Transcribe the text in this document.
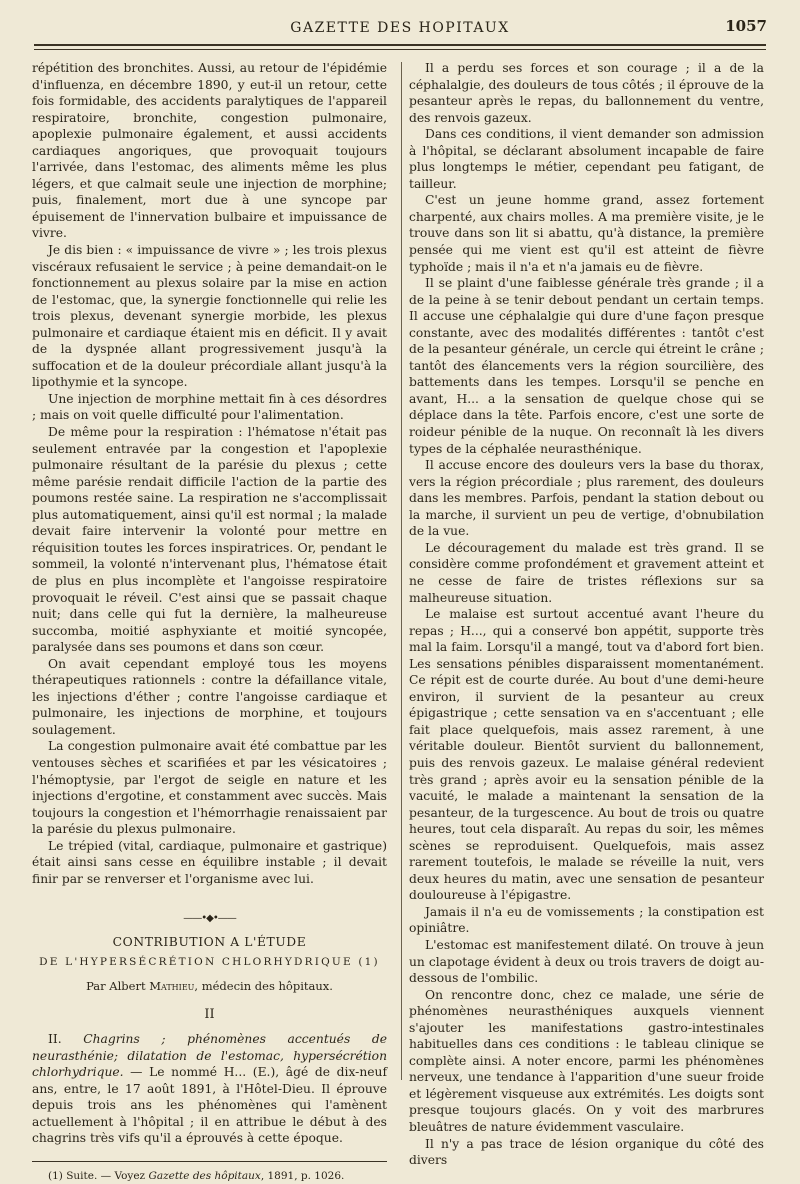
GAZETTE DES HOPITAUX	1057

répétition des bronchites. Aussi, au retour de l'épidémie d'influenza, en décembre 1890, y eut-il un retour, cette fois formidable, des accidents paralytiques de l'appareil respiratoire, bronchite, congestion pulmonaire, apoplexie pulmonaire également, et aussi accidents cardiaques angoriques, que provoquait toujours l'arrivée, dans l'estomac, des aliments même les plus légers, et que calmait seule une injection de morphine; puis, finalement, mort due à une syncope par épuisement de l'innervation bulbaire et impuissance de vivre.

Je dis bien : « impuissance de vivre » ; les trois plexus viscéraux refusaient le service ; à peine demandait-on le fonctionnement au plexus solaire par la mise en action de l'estomac, que, la synergie fonctionnelle qui relie les trois plexus, devenant synergie morbide, les plexus pulmonaire et cardiaque étaient mis en déficit. Il y avait de la dyspnée allant progressivement jusqu'à la suffocation et de la douleur précordiale allant jusqu'à la lipothymie et la syncope.

Une injection de morphine mettait fin à ces désordres ; mais on voit quelle difficulté pour l'alimentation.

De même pour la respiration : l'hématose n'était pas seulement entravée par la congestion et l'apoplexie pulmonaire résultant de la parésie du plexus ; cette même parésie rendait difficile l'action de la partie des poumons restée saine. La respiration ne s'accomplissait plus automatiquement, ainsi qu'il est normal ; la malade devait faire intervenir la volonté pour mettre en réquisition toutes les forces inspiratrices. Or, pendant le sommeil, la volonté n'intervenant plus, l'hématose était de plus en plus incomplète et l'angoisse respiratoire provoquait le réveil. C'est ainsi que se passait chaque nuit; dans celle qui fut la dernière, la malheureuse succomba, moitié asphyxiante et moitié syncopée, paralysée dans ses poumons et dans son cœur.

On avait cependant employé tous les moyens thérapeutiques rationnels : contre la défaillance vitale, les injections d'éther ; contre l'angoisse cardiaque et pulmonaire, les injections de morphine, et toujours soulagement.

La congestion pulmonaire avait été combattue par les ventouses sèches et scarifiées et par les vésicatoires ; l'hémoptysie, par l'ergot de seigle en nature et les injections d'ergotine, et constamment avec succès. Mais toujours la congestion et l'hémorrhagie renaissaient par la parésie du plexus pulmonaire.

Le trépied (vital, cardiaque, pulmonaire et gastrique) était ainsi sans cesse en équilibre instable ; il devait finir par se renverser et l'organisme avec lui.

——•◆•——
CONTRIBUTION A L'ÉTUDE
DE L'HYPERSÉCRÉTION CHLORHYDRIQUE (1)
Par Albert Mathieu, médecin des hôpitaux.
II

II. Chagrins ; phénomènes accentués de neurasthénie; dilatation de l'estomac, hypersécrétion chlorhydrique. — Le nommé H... (E.), âgé de dix-neuf ans, entre, le 17 août 1891, à l'Hôtel-Dieu. Il éprouve depuis trois ans les phénomènes qui l'amènent actuellement à l'hôpital ; il en attribue le début à des chagrins très vifs qu'il a éprouvés à cette époque.

(1) Suite. — Voyez Gazette des hôpitaux, 1891, p. 1026.

Il a perdu ses forces et son courage ; il a de la céphalalgie, des douleurs de tous côtés ; il éprouve de la pesanteur après le repas, du ballonnement du ventre, des renvois gazeux.

Dans ces conditions, il vient demander son admission à l'hôpital, se déclarant absolument incapable de faire plus longtemps le métier, cependant peu fatigant, de tailleur.

C'est un jeune homme grand, assez fortement charpenté, aux chairs molles. A ma première visite, je le trouve dans son lit si abattu, qu'à distance, la première pensée qui me vient est qu'il est atteint de fièvre typhoïde ; mais il n'a et n'a jamais eu de fièvre.

Il se plaint d'une faiblesse générale très grande ; il a de la peine à se tenir debout pendant un certain temps. Il accuse une céphalalgie qui dure d'une façon presque constante, avec des modalités différentes : tantôt c'est de la pesanteur générale, un cercle qui étreint le crâne ; tantôt des élancements vers la région sourcilière, des battements dans les tempes. Lorsqu'il se penche en avant, H... a la sensation de quelque chose qui se déplace dans la tête. Parfois encore, c'est une sorte de roideur pénible de la nuque. On reconnaît là les divers types de la céphalée neurasthénique.

Il accuse encore des douleurs vers la base du thorax, vers la région précordiale ; plus rarement, des douleurs dans les membres. Parfois, pendant la station debout ou la marche, il survient un peu de vertige, d'obnubilation de la vue.

Le découragement du malade est très grand. Il se considère comme profondément et gravement atteint et ne cesse de faire de tristes réflexions sur sa malheureuse situation.

Le malaise est surtout accentué avant l'heure du repas ; H..., qui a conservé bon appétit, supporte très mal la faim. Lorsqu'il a mangé, tout va d'abord fort bien. Les sensations pénibles disparaissent momentanément. Ce répit est de courte durée. Au bout d'une demi-heure environ, il survient de la pesanteur au creux épigastrique ; cette sensation va en s'accentuant ; elle fait place quelquefois, mais assez rarement, à une véritable douleur. Bientôt survient du ballonnement, puis des renvois gazeux. Le malaise général redevient très grand ; après avoir eu la sensation pénible de la vacuité, le malade a maintenant la sensation de la pesanteur, de la turgescence. Au bout de trois ou quatre heures, tout cela disparaît. Au repas du soir, les mêmes scènes se reproduisent. Quelquefois, mais assez rarement toutefois, le malade se réveille la nuit, vers deux heures du matin, avec une sensation de pesanteur douloureuse à l'épigastre.

Jamais il n'a eu de vomissements ; la constipation est opiniâtre.

L'estomac est manifestement dilaté. On trouve à jeun un clapotage évident à deux ou trois travers de doigt au-dessous de l'ombilic.

On rencontre donc, chez ce malade, une série de phénomènes neurasthéniques auxquels viennent s'ajouter les manifestations gastro-intestinales habituelles dans ces conditions : le tableau clinique se complète ainsi. A noter encore, parmi les phénomènes nerveux, une tendance à l'apparition d'une sueur froide et légèrement visqueuse aux extrémités. Les doigts sont presque toujours glacés. On y voit des marbrures bleuâtres de nature évidemment vasculaire.

Il n'y a pas trace de lésion organique du côté des divers
